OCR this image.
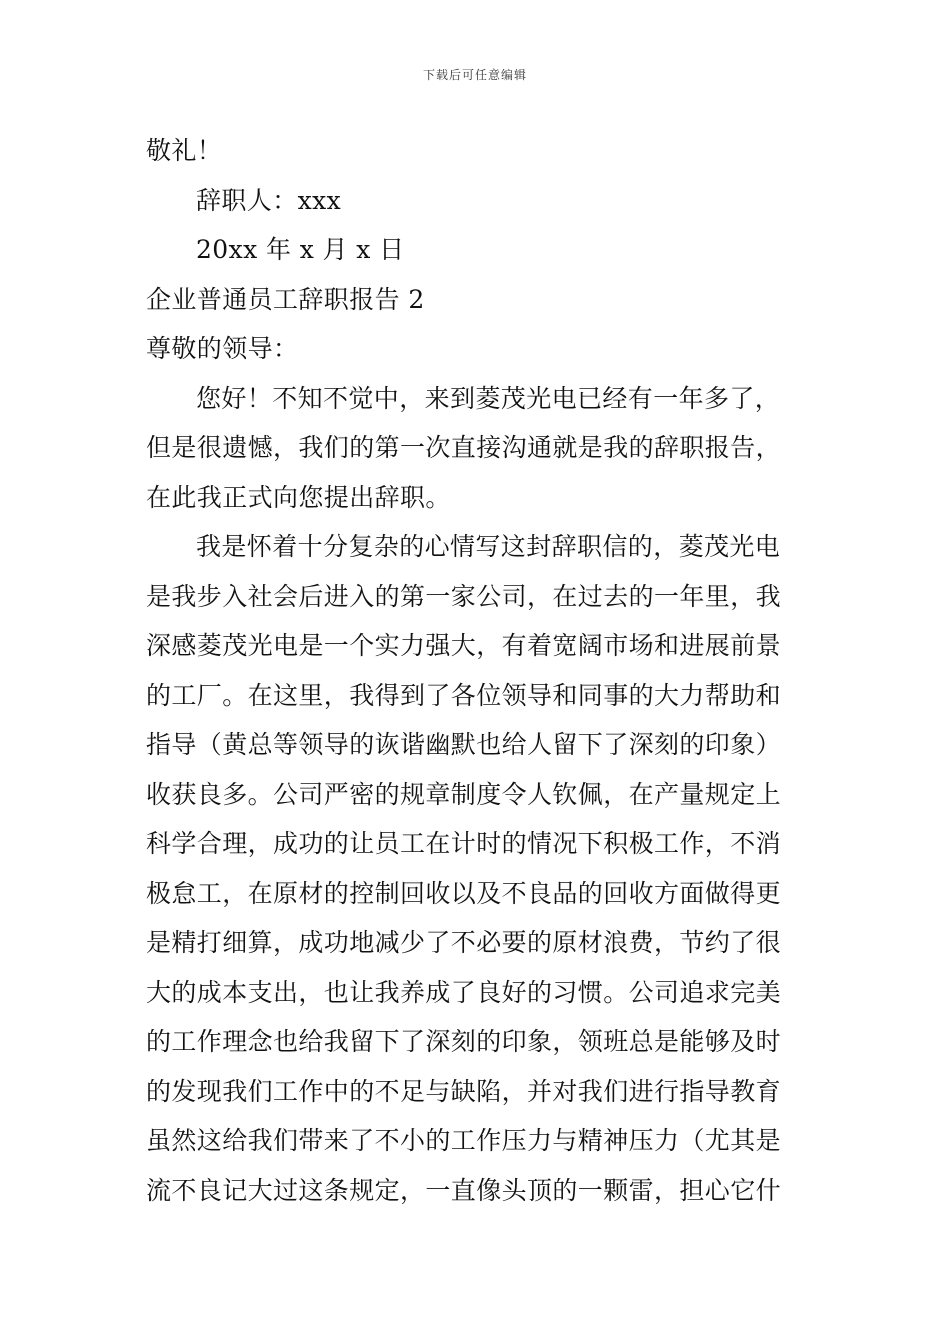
下载后可任意编辑
敬礼！
辞职人：xxx
20xx 年 x 月 x 日
企业普通员工辞职报告 2
尊敬的领导：
您好！不知不觉中，来到菱茂光电已经有一年多了，
但是很遗憾，我们的第一次直接沟通就是我的辞职报告，
在此我正式向您提出辞职。
我是怀着十分复杂的心情写这封辞职信的，菱茂光电
是我步入社会后进入的第一家公司，在过去的一年里，我
深感菱茂光电是一个实力强大，有着宽阔市场和进展前景
的工厂。在这里，我得到了各位领导和同事的大力帮助和
指导（黄总等领导的诙谐幽默也给人留下了深刻的印象）
收获良多。公司严密的规章制度令人钦佩，在产量规定上
科学合理，成功的让员工在计时的情况下积极工作，不消
极怠工，在原材的控制回收以及不良品的回收方面做得更
是精打细算，成功地减少了不必要的原材浪费，节约了很
大的成本支出，也让我养成了良好的习惯。公司追求完美
的工作理念也给我留下了深刻的印象，领班总是能够及时
的发现我们工作中的不足与缺陷，并对我们进行指导教育
虽然这给我们带来了不小的工作压力与精神压力（尤其是
流不良记大过这条规定，一直像头顶的一颗雷，担心它什
